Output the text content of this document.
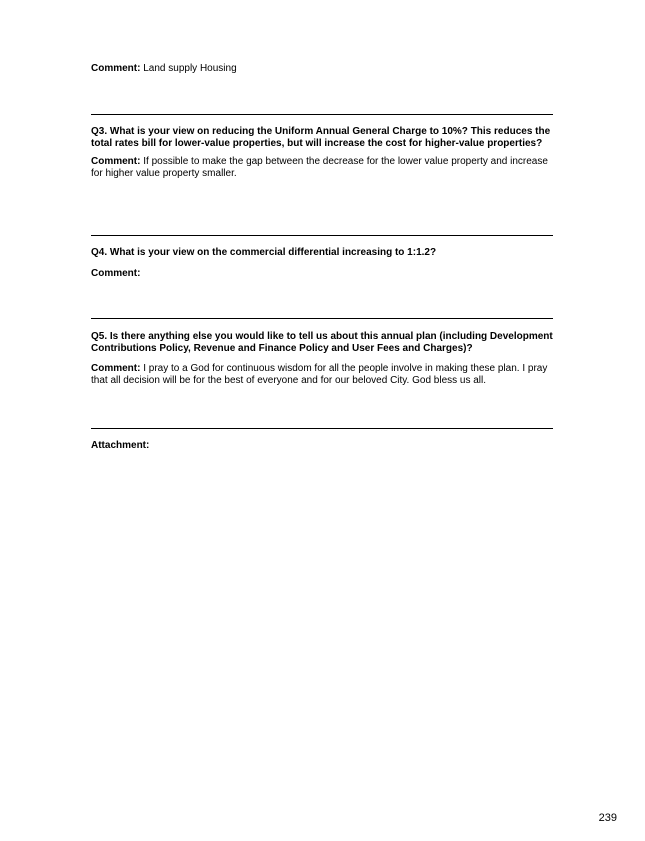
Comment: Land supply Housing

Q3. What is your view on reducing the Uniform Annual General Charge to 10%? This reduces the total rates bill for lower-value properties, but will increase the cost for higher-value properties?

Comment: If possible to make the gap between the decrease for the lower value property and increase for higher value property smaller.

Q4. What is your view on the commercial differential increasing to 1:1.2?

Comment:

Q5. Is there anything else you would like to tell us about this annual plan (including Development Contributions Policy, Revenue and Finance Policy and User Fees and Charges)?

Comment: I pray to a God for continuous wisdom for all the people involve in making these plan. I pray that all decision will be for the best of everyone and for our beloved City. God bless us all.

Attachment:

239
